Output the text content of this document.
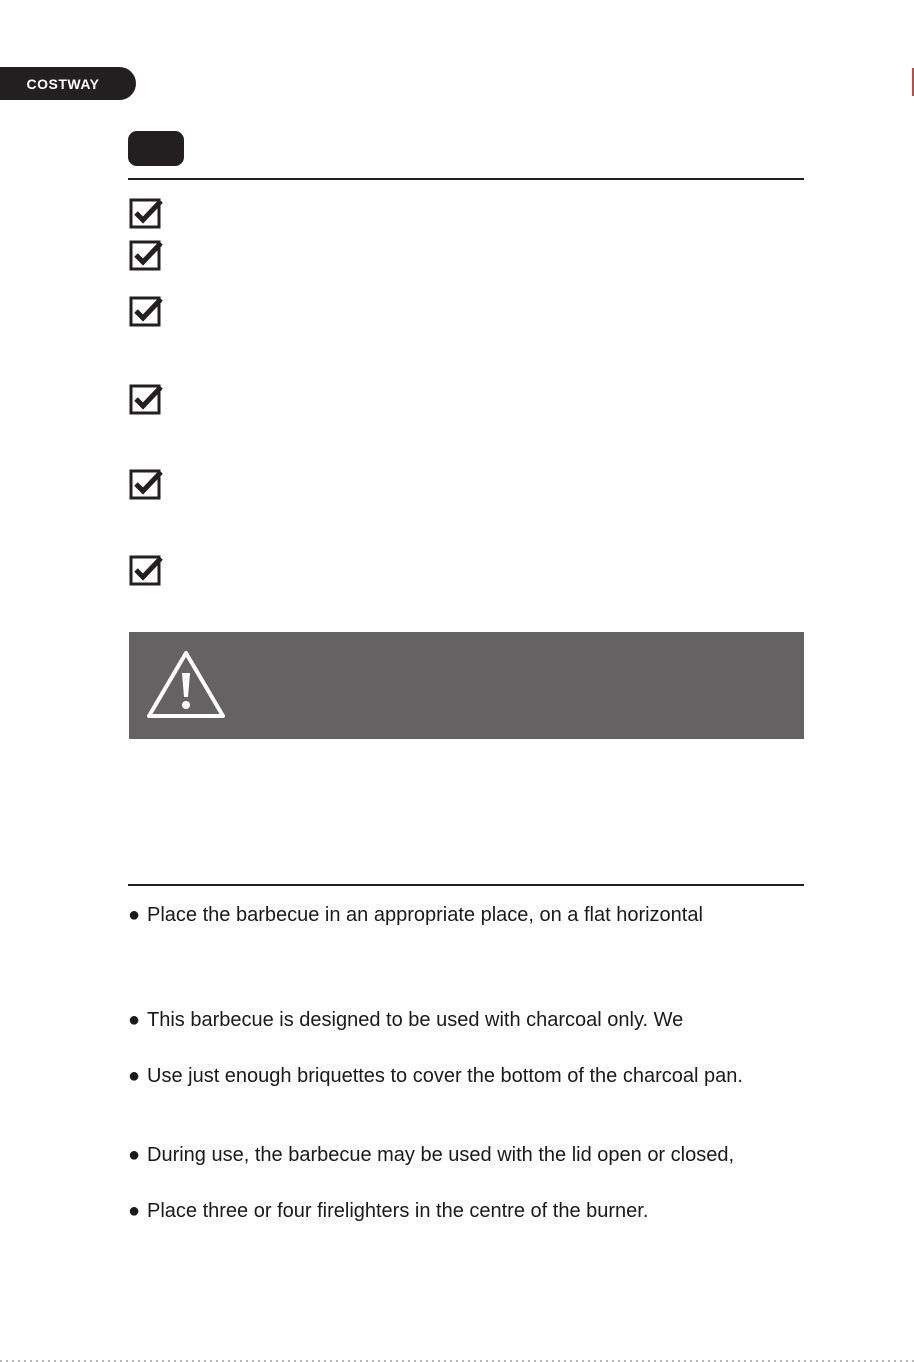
COSTWAY
● Place the barbecue in an appropriate place, on a flat horizontal
● This barbecue is designed to be used with charcoal only. We
● Use just enough briquettes to cover the bottom of the charcoal pan.
● During use, the barbecue may be used with the lid open or closed,
● Place three or four firelighters in the centre of the burner.
